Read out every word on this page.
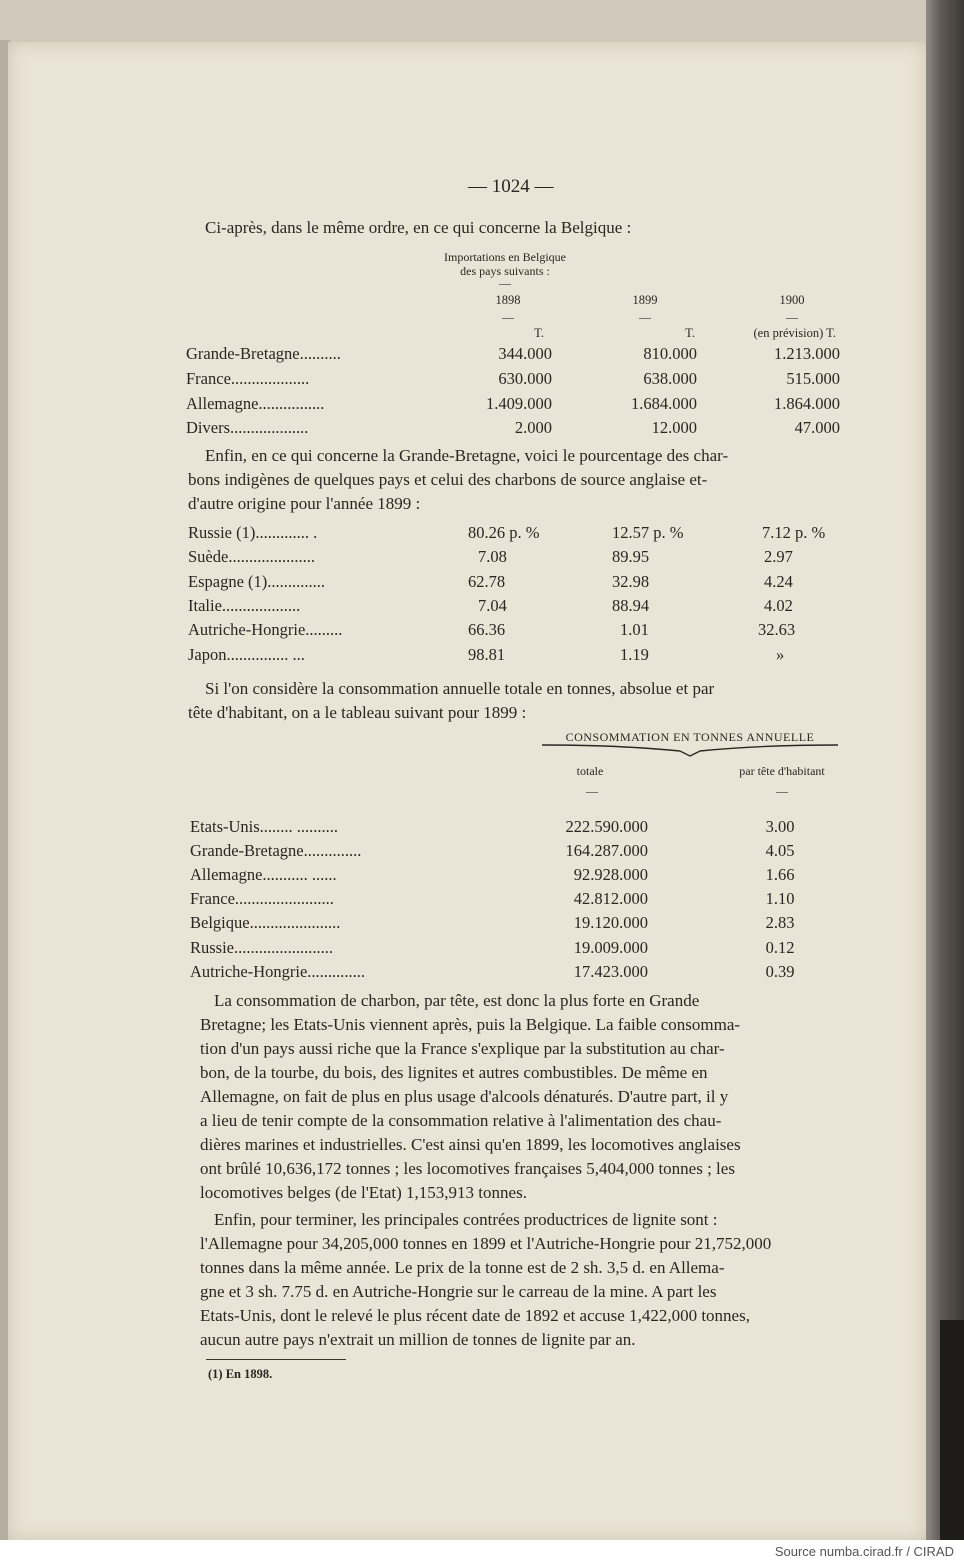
— 1024 —
Ci-après, dans le même ordre, en ce qui concerne la Belgique :
Importations en Belgique
des pays suivants :
—
1898	1899	1900
—	—	—
T.	T.	(en prévision) T.
Grande-Bretagne..........	344.000	810.000	1.213.000
France...................	630.000	638.000	515.000
Allemagne................	1.409.000	1.684.000	1.864.000
Divers...................	2.000	12.000	47.000
Enfin, en ce qui concerne la Grande-Bretagne, voici le pourcentage des char-
bons indigènes de quelques pays et celui des charbons de source anglaise et-
d'autre origine pour l'année 1899 :
Russie (1)............. .	80.26 p. %	12.57 p. %	7.12 p. %
Suède.....................	7.08	89.95	2.97
Espagne (1)..............	62.78	32.98	4.24
Italie...................	7.04	88.94	4.02
Autriche-Hongrie.........	66.36	1.01	32.63
Japon............... ...	98.81	1.19	»
Si l'on considère la consommation annuelle totale en tonnes, absolue et par
tête d'habitant, on a le tableau suivant pour 1899 :
CONSOMMATION EN TONNES ANNUELLE
totale	par tête d'habitant
—	—
Etats-Unis........ ..........	222.590.000	3.00
Grande-Bretagne..............	164.287.000	4.05
Allemagne........... ......	92.928.000	1.66
France........................	42.812.000	1.10
Belgique......................	19.120.000	2.83
Russie........................	19.009.000	0.12
Autriche-Hongrie..............	17.423.000	0.39
La consommation de charbon, par tête, est donc la plus forte en Grande
Bretagne; les Etats-Unis viennent après, puis la Belgique. La faible consomma-
tion d'un pays aussi riche que la France s'explique par la substitution au char-
bon, de la tourbe, du bois, des lignites et autres combustibles. De même en
Allemagne, on fait de plus en plus usage d'alcools dénaturés. D'autre part, il y
a lieu de tenir compte de la consommation relative à l'alimentation des chau-
dières marines et industrielles. C'est ainsi qu'en 1899, les locomotives anglaises
ont brûlé 10,636,172 tonnes ; les locomotives françaises 5,404,000 tonnes ; les
locomotives belges (de l'Etat) 1,153,913 tonnes.
Enfin, pour terminer, les principales contrées productrices de lignite sont :
l'Allemagne pour 34,205,000 tonnes en 1899 et l'Autriche-Hongrie pour 21,752,000
tonnes dans la même année. Le prix de la tonne est de 2 sh. 3,5 d. en Allema-
gne et 3 sh. 7.75 d. en Autriche-Hongrie sur le carreau de la mine. A part les
Etats-Unis, dont le relevé le plus récent date de 1892 et accuse 1,422,000 tonnes,
aucun autre pays n'extrait un million de tonnes de lignite par an.
(1) En 1898.
Source numba.cirad.fr / CIRAD
